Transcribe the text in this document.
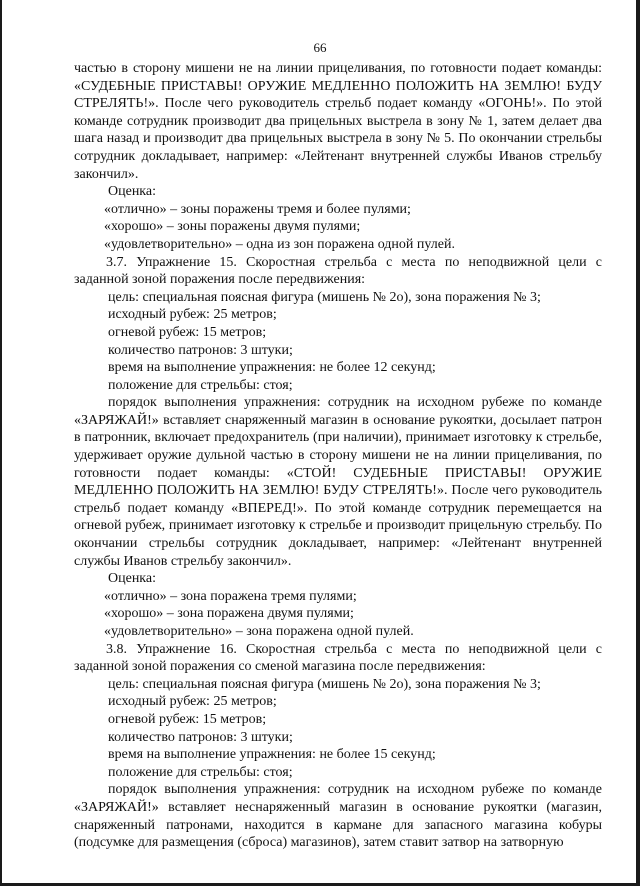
66

частью в сторону мишени не на линии прицеливания, по готовности подает команды: «СУДЕБНЫЕ ПРИСТАВЫ! ОРУЖИЕ МЕДЛЕННО ПОЛОЖИТЬ НА ЗЕМЛЮ! БУДУ СТРЕЛЯТЬ!». После чего руководитель стрельб подает команду «ОГОНЬ!». По этой команде сотрудник производит два прицельных выстрела в зону № 1, затем делает два шага назад и производит два прицельных выстрела в зону № 5. По окончании стрельбы сотрудник докладывает, например: «Лейтенант внутренней службы Иванов стрельбу закончил».

Оценка:

«отлично» – зоны поражены тремя и более пулями;

«хорошо» – зоны поражены двумя пулями;

«удовлетворительно» – одна из зон поражена одной пулей.

3.7. Упражнение 15. Скоростная стрельба с места по неподвижной цели с заданной зоной поражения после передвижения:

цель: специальная поясная фигура (мишень № 2о), зона поражения № 3;

исходный рубеж: 25 метров;

огневой рубеж: 15 метров;

количество патронов: 3 штуки;

время на выполнение упражнения: не более 12 секунд;

положение для стрельбы: стоя;

порядок выполнения упражнения: сотрудник на исходном рубеже по команде «ЗАРЯЖАЙ!» вставляет снаряженный магазин в основание рукоятки, досылает патрон в патронник, включает предохранитель (при наличии), принимает изготовку к стрельбе, удерживает оружие дульной частью в сторону мишени не на линии прицеливания, по готовности подает команды: «СТОЙ! СУДЕБНЫЕ ПРИСТАВЫ! ОРУЖИЕ МЕДЛЕННО ПОЛОЖИТЬ НА ЗЕМЛЮ! БУДУ СТРЕЛЯТЬ!». После чего руководитель стрельб подает команду «ВПЕРЕД!». По этой команде сотрудник перемещается на огневой рубеж, принимает изготовку к стрельбе и производит прицельную стрельбу. По окончании стрельбы сотрудник докладывает, например: «Лейтенант внутренней службы Иванов стрельбу закончил».

Оценка:

«отлично» – зона поражена тремя пулями;

«хорошо» – зона поражена двумя пулями;

«удовлетворительно» – зона поражена одной пулей.

3.8. Упражнение 16. Скоростная стрельба с места по неподвижной цели с заданной зоной поражения со сменой магазина после передвижения:

цель: специальная поясная фигура (мишень № 2о), зона поражения № 3;

исходный рубеж: 25 метров;

огневой рубеж: 15 метров;

количество патронов: 3 штуки;

время на выполнение упражнения: не более 15 секунд;

положение для стрельбы: стоя;

порядок выполнения упражнения: сотрудник на исходном рубеже по команде «ЗАРЯЖАЙ!» вставляет неснаряженный магазин в основание рукоятки (магазин, снаряженный патронами, находится в кармане для запасного магазина кобуры (подсумке для размещения (сброса) магазинов), затем ставит затвор на затворную
